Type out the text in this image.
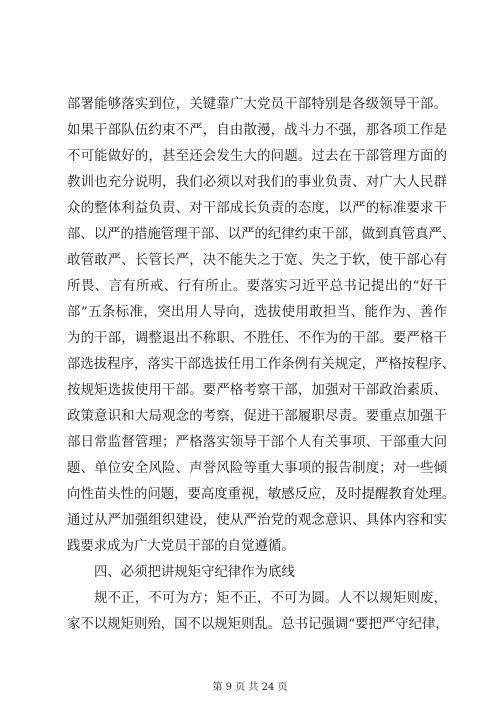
部署能够落实到位，关键靠广大党员干部特别是各级领导干部。
如果干部队伍约束不严，自由散漫，战斗力不强，那各项工作是
不可能做好的，甚至还会发生大的问题。过去在干部管理方面的
教训也充分说明，我们必须以对我们的事业负责、对广大人民群
众的整体利益负责、对干部成长负责的态度，以严的标准要求干
部、以严的措施管理干部、以严的纪律约束干部，做到真管真严、
敢管敢严、长管长严，决不能失之于宽、失之于软，使干部心有
所畏、言有所戒、行有所止。要落实习近平总书记提出的“好干
部”五条标准，突出用人导向，选拔使用敢担当、能作为、善作
为的干部，调整退出不称职、不胜任、不作为的干部。要严格干
部选拔程序，落实干部选拔任用工作条例有关规定，严格按程序、
按规矩选拔使用干部。要严格考察干部，加强对干部政治素质、
政策意识和大局观念的考察，促进干部履职尽责。要重点加强干
部日常监督管理；严格落实领导干部个人有关事项、干部重大问
题、单位安全风险、声誉风险等重大事项的报告制度；对一些倾
向性苗头性的问题，要高度重视，敏感反应，及时提醒教育处理。
通过从严加强组织建设，使从严治党的观念意识、具体内容和实
践要求成为广大党员干部的自觉遵循。
四、必须把讲规矩守纪律作为底线
规不正，不可为方；矩不正，不可为圆。人不以规矩则废，
家不以规矩则殆，国不以规矩则乱。总书记强调“要把严守纪律，
第 9 页 共 24 页
